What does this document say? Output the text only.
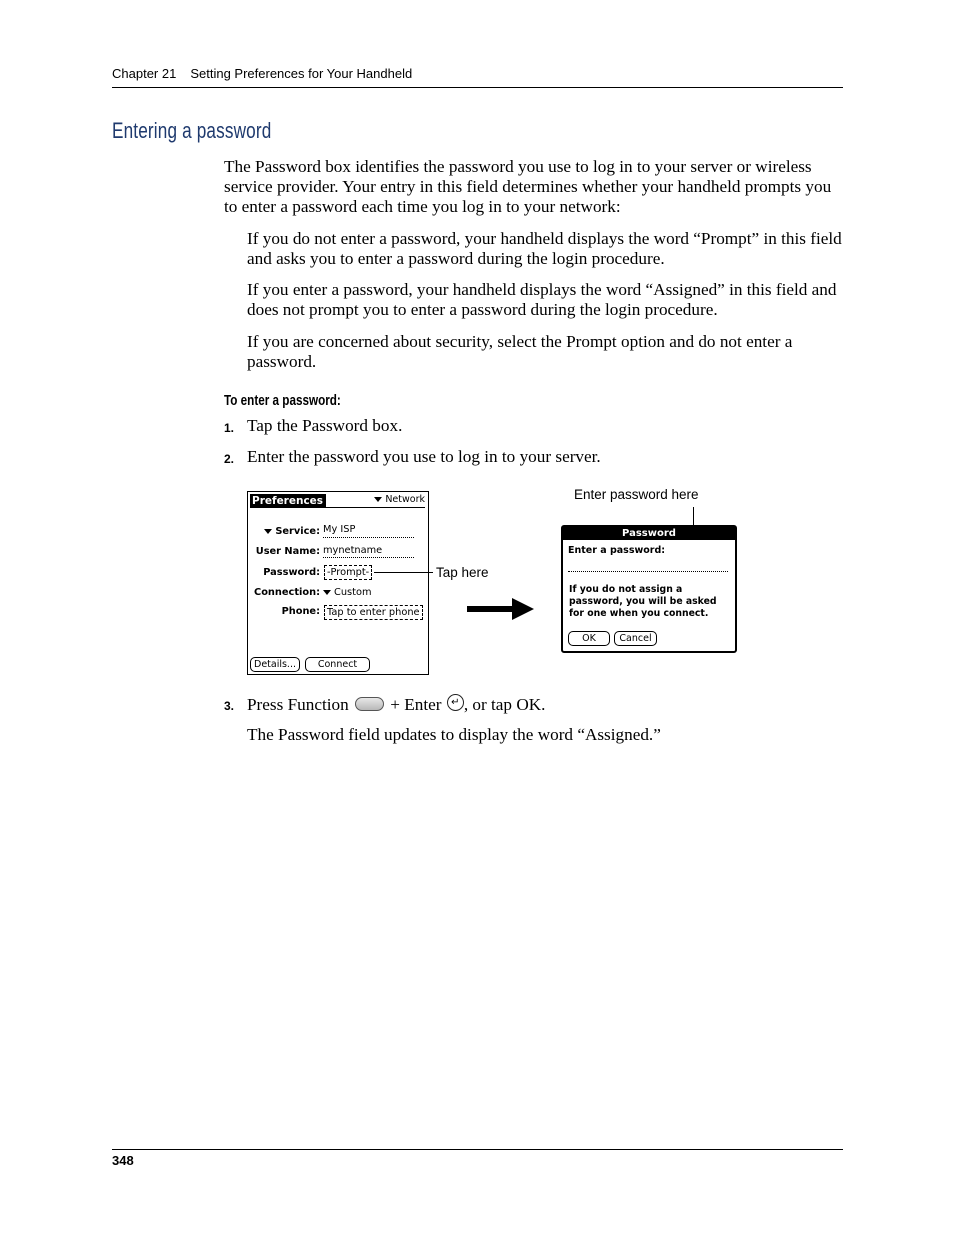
Chapter 21 Setting Preferences for Your Handheld
Entering a password

The Password box identifies the password you use to log in to your server or wireless service provider. Your entry in this field determines whether your handheld prompts you to enter a password each time you log in to your network:

If you do not enter a password, your handheld displays the word “Prompt” in this field and asks you to enter a password during the login procedure.

If you enter a password, your handheld displays the word “Assigned” in this field and does not prompt you to enter a password during the login procedure.

If you are concerned about security, select the Prompt option and do not enter a password.

To enter a password:
1. Tap the Password box.
2. Enter the password you use to log in to your server.
Preferences	Network
Service: My ISP
User Name: mynetname
Password: -Prompt-
Connection:	Custom
Phone: Tap to enter phone
Details...	Connect
Tap here
Enter password here
Password
Enter a password:
If you do not assign a password, you will be asked for one when you connect.
OK	Cancel
3. Press Function + Enter ↵ , or tap OK.
The Password field updates to display the word “Assigned.”
348
